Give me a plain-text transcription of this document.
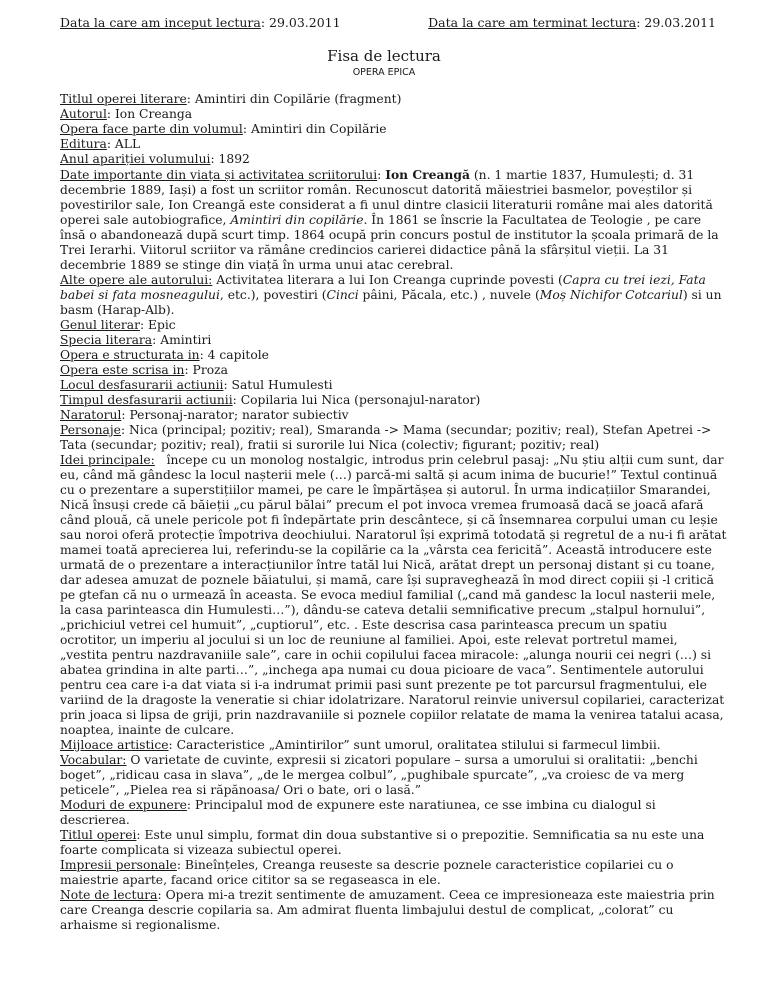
Data la care am inceput lectura: 29.03.2011	Data la care am terminat lectura: 29.03.2011
Fisa de lectura
OPERA EPICA

Titlul operei literare: Amintiri din Copilărie (fragment)

Autorul: Ion Creanga

Opera face parte din volumul: Amintiri din Copilărie

Editura: ALL

Anul apariției volumului: 1892

Date importante din viața și activitatea scriitorului: Ion Creangă (n. 1 martie 1837, Humulești; d. 31 decembrie 1889, Iași) a fost un scriitor român. Recunoscut datorită măiestriei basmelor, poveștilor și povestirilor sale, Ion Creangă este considerat a fi unul dintre clasicii literaturii române mai ales datorită operei sale autobiografice, Amintiri din copilărie. În 1861 se înscrie la Facultatea de Teologie , pe care însă o abandonează după scurt timp. 1864 ocupă prin concurs postul de institutor la școala primară de la Trei Ierarhi. Viitorul scriitor va rămâne credincios carierei didactice până la sfârșitul vieții. La 31 decembrie 1889 se stinge din viață în urma unui atac cerebral.

Alte opere ale autorului: Activitatea literara a lui Ion Creanga cuprinde povesti (Capra cu trei iezi, Fata babei si fata mosneagului, etc.), povestiri (Cinci pâini, Păcala, etc.) , nuvele (Moș Nichifor Cotcariul) si un basm (Harap-Alb).

Genul literar: Epic

Specia literara: Amintiri

Opera e structurata in: 4 capitole

Opera este scrisa in: Proza

Locul desfasurarii actiunii: Satul Humulesti

Timpul desfasurarii actiunii: Copilaria lui Nica (personajul-narator)

Naratorul: Personaj-narator; narator subiectiv

Personaje: Nica (principal; pozitiv; real), Smaranda -> Mama (secundar; pozitiv; real), Stefan Apetrei -> Tata (secundar; pozitiv; real), fratii si surorile lui Nica (colectiv; figurant; pozitiv; real)

Idei principale: începe cu un monolog nostalgic, introdus prin celebrul pasaj: „Nu știu alții cum sunt, dar eu, când mă gândesc la locul nașterii mele (…) parcă-mi saltă și acum inima de bucurie!” Textul continuă cu o prezentare a superstițiilor mamei, pe care le împărtășea și autorul. În urma indicațiilor Smarandei, Nică însuși crede că băieții „cu părul bălai” precum el pot invoca vremea frumoasă dacă se joacă afară când plouă, că unele pericole pot fi îndepărtate prin descântece, și că însemnarea corpului uman cu leșie sau noroi oferă protecție împotriva deochiului. Naratorul își exprimă totodată și regretul de a nu-i fi arătat mamei toată aprecierea lui, referindu-se la copilărie ca la „vârsta cea fericită”. Această introducere este urmată de o prezentare a interacțiunilor între tatăl lui Nică, arătat drept un personaj distant și cu toane, dar adesea amuzat de poznele băiatului, și mamă, care își supraveghează în mod direct copiii și -l critică pe gtefan că nu o urmează în aceasta. Se evoca mediul familial („cand mă gandesc la locul nasterii mele, la casa parinteasca din Humulesti…”), dându-se cateva detalii semnificative precum „stalpul hornului”, „prichiciul vetrei cel humuit”, „cuptiorul”, etc. . Este descrisa casa parinteasca precum un spatiu ocrotitor, un imperiu al jocului si un loc de reuniune al familiei. Apoi, este relevat portretul mamei, „vestita pentru nazdravaniile sale”, care in ochii copilului facea miracole: „alunga nourii cei negri (…) si abatea grindina in alte parti…”, „inchega apa numai cu doua picioare de vaca”. Sentimentele autorului pentru cea care i-a dat viata si i-a indrumat primii pasi sunt prezente pe tot parcursul fragmentului, ele variind de la dragoste la veneratie si chiar idolatrizare. Naratorul reinvie universul copilariei, caracterizat prin joaca si lipsa de griji, prin nazdravaniile si poznele copiilor relatate de mama la venirea tatalui acasa, noaptea, inainte de culcare.

Mijloace artistice: Caracteristice „Amintirilor” sunt umorul, oralitatea stilului si farmecul limbii.

Vocabular: O varietate de cuvinte, expresii si zicatori populare – sursa a umorului si oralitatii: „benchi boget”, „ridicau casa in slava”, „de le mergea colbul”, „pughibale spurcate”, „va croiesc de va merg peticele”, „Pielea rea si răpănoasa/ Ori o bate, ori o lasă.”

Moduri de expunere: Principalul mod de expunere este naratiunea, ce sse imbina cu dialogul si descrierea.

Titlul operei: Este unul simplu, format din doua substantive si o prepozitie. Semnificatia sa nu este una foarte complicata si vizeaza subiectul operei.

Impresii personale: Bineînțeles, Creanga reuseste sa descrie poznele caracteristice copilariei cu o maiestrie aparte, facand orice cititor sa se regaseasca in ele.

Note de lectura: Opera mi-a trezit sentimente de amuzament. Ceea ce impresioneaza este maiestria prin care Creanga descrie copilaria sa. Am admirat fluenta limbajului destul de complicat, „colorat” cu arhaisme si regionalisme.
